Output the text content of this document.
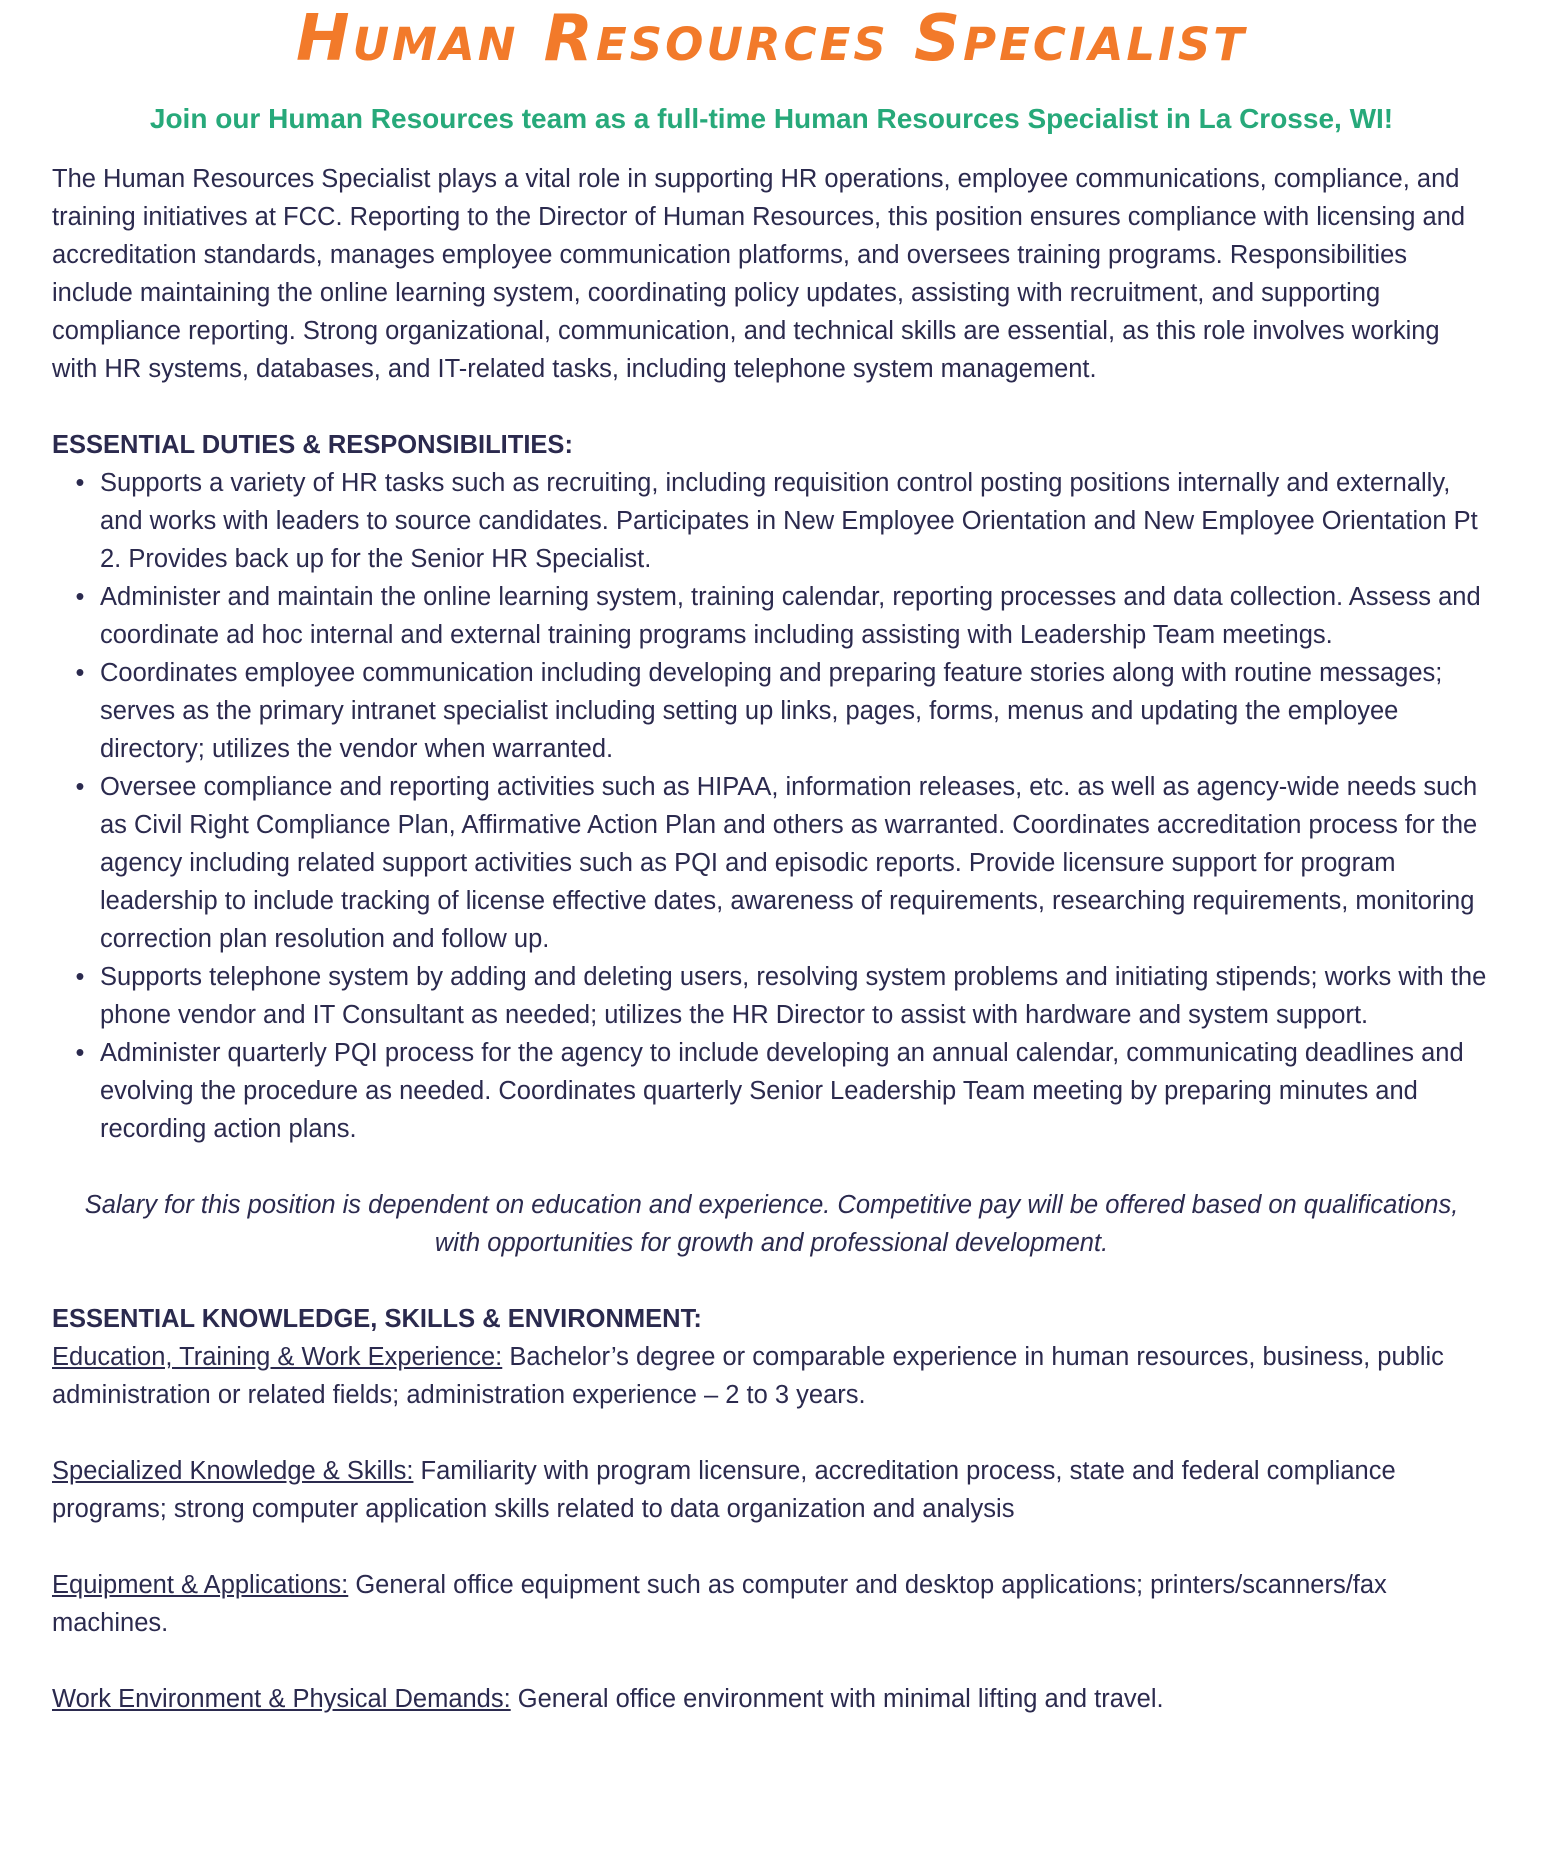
Human Resources Specialist

Join our Human Resources team as a full-time Human Resources Specialist in La Crosse, WI!

The Human Resources Specialist plays a vital role in supporting HR operations, employee communications, compliance, and training initiatives at FCC. Reporting to the Director of Human Resources, this position ensures compliance with licensing and accreditation standards, manages employee communication platforms, and oversees training programs. Responsibilities include maintaining the online learning system, coordinating policy updates, assisting with recruitment, and supporting compliance reporting. Strong organizational, communication, and technical skills are essential, as this role involves working with HR systems, databases, and IT-related tasks, including telephone system management.

ESSENTIAL DUTIES & RESPONSIBILITIES:
• Supports a variety of HR tasks such as recruiting, including requisition control posting positions internally and externally, and works with leaders to source candidates. Participates in New Employee Orientation and New Employee Orientation Pt 2. Provides back up for the Senior HR Specialist.
• Administer and maintain the online learning system, training calendar, reporting processes and data collection. Assess and coordinate ad hoc internal and external training programs including assisting with Leadership Team meetings.
• Coordinates employee communication including developing and preparing feature stories along with routine messages; serves as the primary intranet specialist including setting up links, pages, forms, menus and updating the employee directory; utilizes the vendor when warranted.
• Oversee compliance and reporting activities such as HIPAA, information releases, etc. as well as agency-wide needs such as Civil Right Compliance Plan, Affirmative Action Plan and others as warranted. Coordinates accreditation process for the agency including related support activities such as PQI and episodic reports. Provide licensure support for program leadership to include tracking of license effective dates, awareness of requirements, researching requirements, monitoring correction plan resolution and follow up.
• Supports telephone system by adding and deleting users, resolving system problems and initiating stipends; works with the phone vendor and IT Consultant as needed; utilizes the HR Director to assist with hardware and system support.
• Administer quarterly PQI process for the agency to include developing an annual calendar, communicating deadlines and evolving the procedure as needed. Coordinates quarterly Senior Leadership Team meeting by preparing minutes and recording action plans.

Salary for this position is dependent on education and experience. Competitive pay will be offered based on qualifications, with opportunities for growth and professional development.

ESSENTIAL KNOWLEDGE, SKILLS & ENVIRONMENT:

Education, Training & Work Experience: Bachelor’s degree or comparable experience in human resources, business, public administration or related fields; administration experience – 2 to 3 years.

Specialized Knowledge & Skills: Familiarity with program licensure, accreditation process, state and federal compliance programs; strong computer application skills related to data organization and analysis

Equipment & Applications: General office equipment such as computer and desktop applications; printers/scanners/fax machines.

Work Environment & Physical Demands: General office environment with minimal lifting and travel.
